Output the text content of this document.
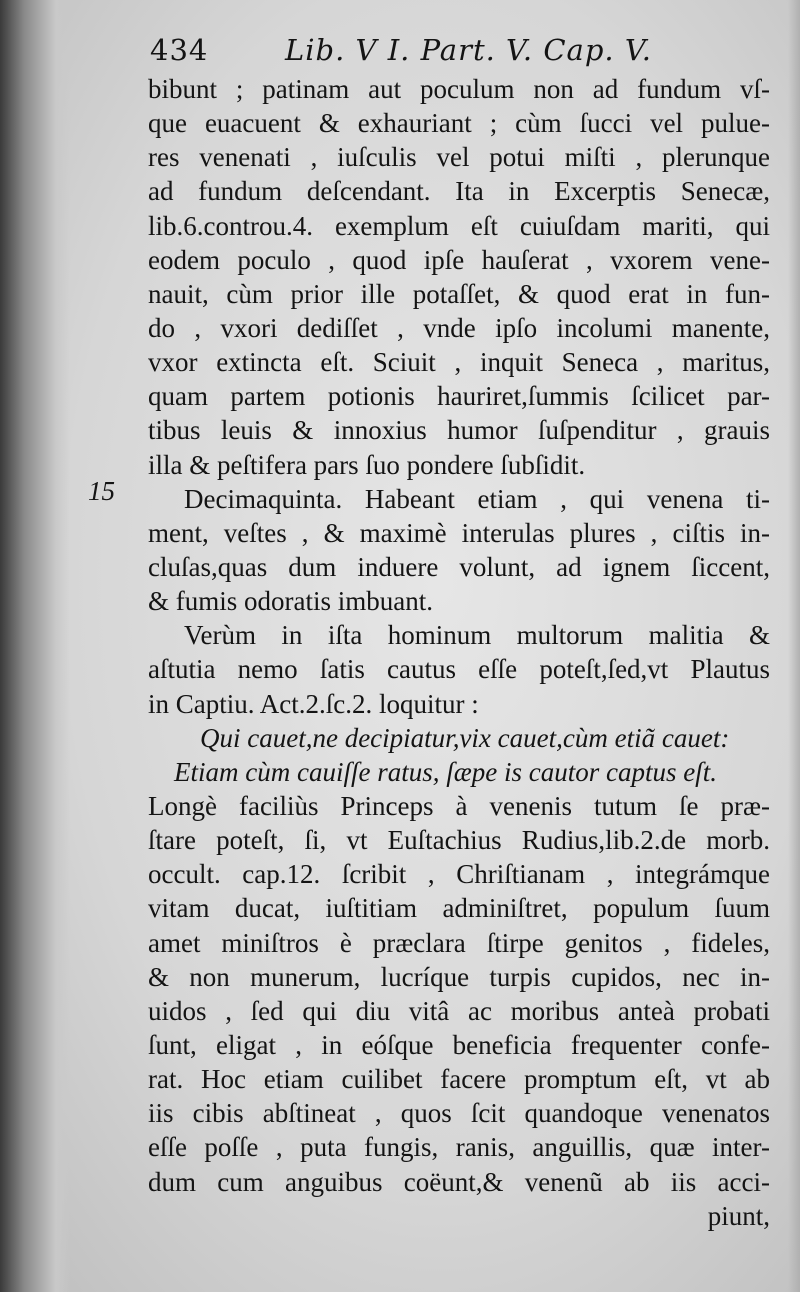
434	Lib. V I. Part. V. Cap. V.
15
bibunt ; patinam aut poculum non ad fundum vſ-
que euacuent & exhauriant ; cùm ſucci vel pulue-
res venenati , iuſculis vel potui miſti , plerunque
ad fundum deſcendant. Ita in Excerptis Senecæ,
lib.6.controu.4. exemplum eſt cuiuſdam mariti, qui
eodem poculo , quod ipſe hauſerat , vxorem vene-
nauit, cùm prior ille potaſſet, & quod erat in fun-
do , vxori dediſſet , vnde ipſo incolumi manente,
vxor extincta eſt. Sciuit , inquit Seneca , maritus,
quam partem potionis hauriret,ſummis ſcilicet par-
tibus leuis & innoxius humor ſuſpenditur , grauis
illa & peſtifera pars ſuo pondere ſubſidit.
Decimaquinta. Habeant etiam , qui venena ti-
ment, veſtes , & maximè interulas plures , ciſtis in-
cluſas,quas dum induere volunt, ad ignem ſiccent,
& fumis odoratis imbuant.
Verùm in iſta hominum multorum malitia &
aſtutia nemo ſatis cautus eſſe poteſt,ſed,vt Plautus
in Captiu. Act.2.ſc.2. loquitur :
Qui cauet,ne decipiatur,vix cauet,cùm etiã cauet:
Etiam cùm cauiſſe ratus, ſæpe is cautor captus eſt.
Longè faciliùs Princeps à venenis tutum ſe præ-
ſtare poteſt, ſi, vt Euſtachius Rudius,lib.2.de morb.
occult. cap.12. ſcribit , Chriſtianam , integrámque
vitam ducat, iuſtitiam adminiſtret, populum ſuum
amet miniſtros è præclara ſtirpe genitos , fideles,
& non munerum, lucríque turpis cupidos, nec in-
uidos , ſed qui diu vitâ ac moribus anteà probati
ſunt, eligat , in eóſque beneficia frequenter confe-
rat. Hoc etiam cuilibet facere promptum eſt, vt ab
iis cibis abſtineat , quos ſcit quandoque venenatos
eſſe poſſe , puta fungis, ranis, anguillis, quæ inter-
dum cum anguibus coëunt,& venenũ ab iis acci-
piunt,
